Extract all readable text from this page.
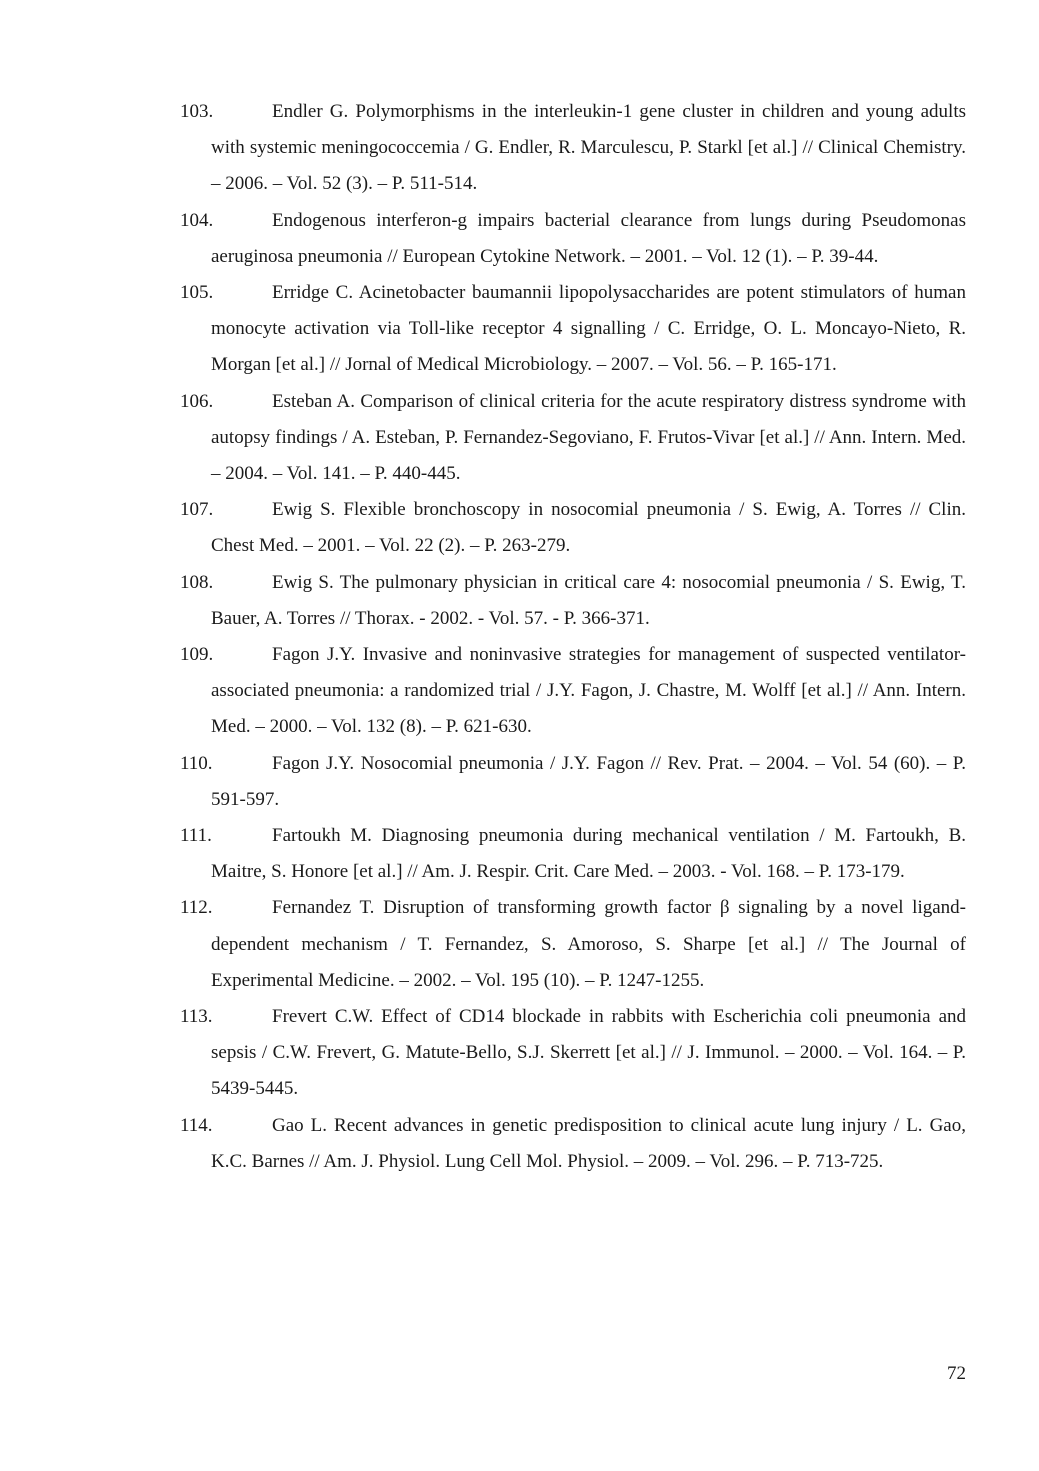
103.	Endler G. Polymorphisms in the interleukin-1 gene cluster in children and young adults with systemic meningococcemia / G. Endler, R. Marculescu, P. Starkl [et al.] // Clinical Chemistry. – 2006. – Vol. 52 (3). – P. 511-514.
104.	Endogenous interferon-g impairs bacterial clearance from lungs during Pseudomonas aeruginosa pneumonia // European Cytokine Network. – 2001. – Vol. 12 (1). – P. 39-44.
105.	Erridge C. Acinetobacter baumannii lipopolysaccharides are potent stimulators of human monocyte activation via Toll-like receptor 4 signalling / C. Erridge, O. L. Moncayo-Nieto, R. Morgan [et al.] // Jornal of Medical Microbiology. – 2007. – Vol. 56. – P. 165-171.
106.	Esteban A. Comparison of clinical criteria for the acute respiratory distress syndrome with autopsy findings / A. Esteban, P. Fernandez-Segoviano, F. Frutos-Vivar [et al.] // Ann. Intern. Med. – 2004. – Vol. 141. – P. 440-445.
107.	Ewig S. Flexible bronchoscopy in nosocomial pneumonia / S. Ewig, A. Torres // Clin. Chest Med. – 2001. – Vol. 22 (2). – P. 263-279.
108.	Ewig S. The pulmonary physician in critical care 4: nosocomial pneumonia / S. Ewig, T. Bauer, A. Torres // Thorax. - 2002. - Vol. 57. - P. 366-371.
109.	Fagon J.Y. Invasive and noninvasive strategies for management of suspected ventilator-associated pneumonia: a randomized trial / J.Y. Fagon, J. Chastre, M. Wolff [et al.] // Ann. Intern. Med. – 2000. – Vol. 132 (8). – P. 621-630.
110.	Fagon J.Y. Nosocomial pneumonia / J.Y. Fagon // Rev. Prat. – 2004. – Vol. 54 (60). – P. 591-597.
111.	Fartoukh M. Diagnosing pneumonia during mechanical ventilation / M. Fartoukh, B. Maitre, S. Honore [et al.] // Am. J. Respir. Crit. Care Med. – 2003. - Vol. 168. – P. 173-179.
112.	Fernandez T. Disruption of transforming growth factor β signaling by a novel ligand-dependent mechanism / T. Fernandez, S. Amoroso, S. Sharpe [et al.] // The Journal of Experimental Medicine. – 2002. – Vol. 195 (10). – P. 1247-1255.
113.	Frevert C.W. Effect of CD14 blockade in rabbits with Escherichia coli pneumonia and sepsis / C.W. Frevert, G. Matute-Bello, S.J. Skerrett [et al.] // J. Immunol. – 2000. – Vol. 164. – P. 5439-5445.
114.	Gao L. Recent advances in genetic predisposition to clinical acute lung injury / L. Gao, K.C. Barnes // Am. J. Physiol. Lung Cell Mol. Physiol. – 2009. – Vol. 296. – P. 713-725.
72
